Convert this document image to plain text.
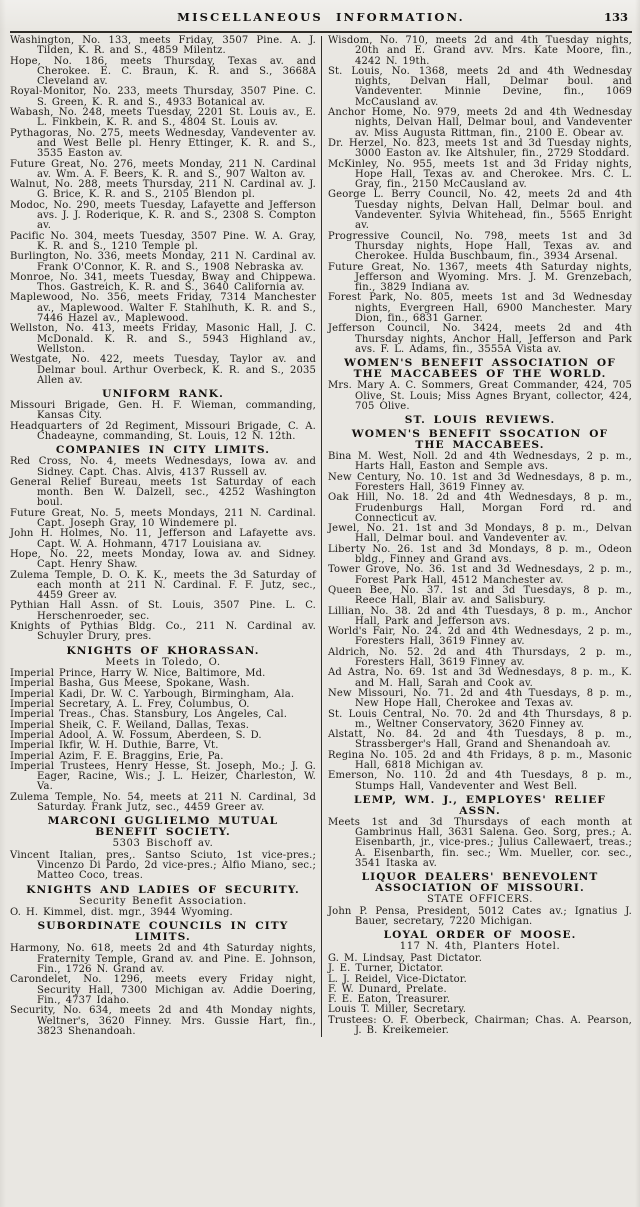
MISCELLANEOUS INFORMATION.	133

Washington, No. 133, meets Friday, 3507 Pine. A. J. Tilden, K. R. and S., 4859 Milentz.

Hope, No. 186, meets Thursday, Texas av. and Cherokee. E. C. Braun, K. R. and S., 3668A Cleveland av.

Royal-Monitor, No. 233, meets Thursday, 3507 Pine. C. S. Green, K. R. and S., 4933 Botanical av.

Wabash, No. 248, meets Tuesday, 2201 St. Louis av., E. L. Finkbein, K. R. and S., 4804 St. Louis av.

Pythagoras, No. 275, meets Wednesday, Vandeventer av. and West Belle pl. Henry Ettinger, K. R. and S., 3535 Easton av.

Future Great, No. 276, meets Monday, 211 N. Cardinal av. Wm. A. F. Beers, K. R. and S., 907 Walton av.

Walnut, No. 288, meets Thursday, 211 N. Cardinal av. J. G. Brice, K. R. and S., 2105 Blendon pl.

Modoc, No. 290, meets Tuesday, Lafayette and Jefferson avs. J. J. Roderique, K. R. and S., 2308 S. Compton av.

Pacific No. 304, meets Tuesday, 3507 Pine. W. A. Gray, K. R. and S., 1210 Temple pl.

Burlington, No. 336, meets Monday, 211 N. Cardinal av. Frank O'Connor, K. R. and S., 1908 Nebraska av.

Monroe, No. 341, meets Tuesday, Bway and Chippewa. Thos. Gastreich, K. R. and S., 3640 California av.

Maplewood, No. 356, meets Friday, 7314 Manchester av., Maplewood. Walter F. Stahlhuth, K. R. and S., 7446 Hazel av., Maplewood.

Wellston, No. 413, meets Friday, Masonic Hall, J. C. McDonald. K. R. and S., 5943 Highland av., Wellston.

Westgate, No. 422, meets Tuesday, Taylor av. and Delmar boul. Arthur Overbeck, K. R. and S., 2035 Allen av.

UNIFORM RANK.

Missouri Brigade, Gen. H. F. Wieman, commanding, Kansas City.

Headquarters of 2d Regiment, Missouri Brigade, C. A. Chadeayne, commanding, St. Louis, 12 N. 12th.

COMPANIES IN CITY LIMITS.

Red Cross, No. 4, meets Wednesdays, Iowa av. and Sidney. Capt. Chas. Alvis, 4137 Russell av.

General Relief Bureau, meets 1st Saturday of each month. Ben W. Dalzell, sec., 4252 Washington boul.

Future Great, No. 5, meets Mondays, 211 N. Cardinal. Capt. Joseph Gray, 10 Windemere pl.

John H. Holmes, No. 11, Jefferson and Lafayette avs. Capt. W. A. Hohmann, 4717 Louisiana av.

Hope, No. 22, meets Monday, Iowa av. and Sidney. Capt. Henry Shaw.

Zulema Temple, D. O. K. K., meets the 3d Saturday of each month at 211 N. Cardinal. F. F. Jutz, sec., 4459 Greer av.

Pythian Hall Assn. of St. Louis, 3507 Pine. L. C. Herschenroeder, sec.

Knights of Pythias Bldg. Co., 211 N. Cardinal av. Schuyler Drury, pres.

KNIGHTS OF KHORASSAN.
Meets in Toledo, O.

Imperial Prince, Harry W. Nice, Baltimore, Md.

Imperial Basha, Gus Meese, Spokane, Wash.

Imperial Kadi, Dr. W. C. Yarbough, Birmingham, Ala.

Imperial Secretary, A. L. Frey, Columbus, O.

Imperial Treas., Chas. Stansbury, Los Angeles, Cal.

Imperial Sheik, C. F. Weiland, Dallas, Texas.

Imperial Adool, A. W. Fossum, Aberdeen, S. D.

Imperial Ikfir, W. H. Duthie, Barre, Vt.

Imperial Azim, F. E. Braggins, Erie, Pa.

Imperial Trustees, Henry Hesse, St. Joseph, Mo.; J. G. Eager, Racine, Wis.; J. L. Heizer, Charleston, W. Va.

Zulema Temple, No. 54, meets at 211 N. Cardinal, 3d Saturday. Frank Jutz, sec., 4459 Greer av.

MARCONI GUGLIELMO MUTUAL BENEFIT SOCIETY.
5303 Bischoff av.

Vincent Italian, pres,. Santso Sciuto, 1st vice-pres.; Vincenzo Di Pardo, 2d vice-pres.; Alfio Miano, sec.; Matteo Coco, treas.

KNIGHTS AND LADIES OF SECURITY.
Security Benefit Association.

O. H. Kimmel, dist. mgr., 3944 Wyoming.

SUBORDINATE COUNCILS IN CITY LIMITS.

Harmony, No. 618, meets 2d and 4th Saturday nights, Fraternity Temple, Grand av. and Pine. E. Johnson, Fin., 1726 N. Grand av.

Carondelet, No. 1296, meets every Friday night, Security Hall, 7300 Michigan av. Addie Doering, Fin., 4737 Idaho.

Security, No. 634, meets 2d and 4th Monday nights, Weltner's, 3620 Finney. Mrs. Gussie Hart, fin., 3823 Shenandoah.

Wisdom, No. 710, meets 2d and 4th Tuesday nights, 20th and E. Grand avv. Mrs. Kate Moore, fin., 4242 N. 19th.

St. Louis, No. 1368, meets 2d and 4th Wednesday nights, Delvan Hall, Delmar boul. and Vandeventer. Minnie Devine, fin., 1069 McCausland av.

Anchor Home, No. 979, meets 2d and 4th Wednesday nights, Delvan Hall, Delmar boul, and Vandeventer av. Miss Augusta Rittman, fin., 2100 E. Obear av.

Dr. Herzel, No. 823, meets 1st and 3d Tuesday nights, 3000 Easton av. Ike Altshuler, fin., 2729 Stoddard.

McKinley, No. 955, meets 1st and 3d Friday nights, Hope Hall, Texas av. and Cherokee. Mrs. C. L. Gray, fin., 2150 McCausland av.

George L. Berry Council, No. 42, meets 2d and 4th Tuesday nights, Delvan Hall, Delmar boul. and Vandeventer. Sylvia Whitehead, fin., 5565 Enright av.

Progressive Council, No. 798, meets 1st and 3d Thursday nights, Hope Hall, Texas av. and Cherokee. Hulda Buschbaum, fin., 3934 Arsenal.

Future Great, No. 1367, meets 4th Saturday nights, Jefferson and Wyoming. Mrs. J. M. Grenzebach, fin., 3829 Indiana av.

Forest Park, No. 805, meets 1st and 3d Wednesday nights, Evergreen Hall, 6900 Manchester. Mary Dion, fin., 6831 Garner.

Jefferson Council, No. 3424, meets 2d and 4th Thursday nights, Anchor Hall, Jefferson and Park avs. F. L. Adams, fin., 3555A Vista av.

WOMEN'S BENEFIT ASSOCIATION OF THE MACCABEES OF THE WORLD.

Mrs. Mary A. C. Sommers, Great Commander, 424, 705 Olive, St. Louis; Miss Agnes Bryant, collector, 424, 705 Olive.

ST. LOUIS REVIEWS.
WOMEN'S BENEFIT SSOCATION OF THE MACCABEES.

Bina M. West, Noll. 2d and 4th Wednesdays, 2 p. m., Harts Hall, Easton and Semple avs.

New Century, No. 10. 1st and 3d Wednesdays, 8 p. m., Foresters Hall, 3619 Finney av.

Oak Hill, No. 18. 2d and 4th Wednesdays, 8 p. m., Frudenburgs Hall, Morgan Ford rd. and Connecticut av.

Jewel, No. 21. 1st and 3d Mondays, 8 p. m., Delvan Hall, Delmar boul. and Vandeventer av.

Liberty No. 26. 1st and 3d Mondays, 8 p. m., Odeon bldg., Finney and Grand avs.

Tower Grove, No. 36. 1st and 3d Wednesdays, 2 p. m., Forest Park Hall, 4512 Manchester av.

Queen Bee, No. 37. 1st and 3d Tuesdays, 8 p. m., Reece Hall, Blair av. and Salisbury.

Lillian, No. 38. 2d and 4th Tuesdays, 8 p. m., Anchor Hall, Park and Jefferson avs.

World's Fair, No. 24. 2d and 4th Wednesdays, 2 p. m., Foresters Hall, 3619 Finney av.

Aldrich, No. 52. 2d and 4th Thursdays, 2 p. m., Foresters Hall, 3619 Finney av.

Ad Astra, No. 69. 1st and 3d Wednesdays, 8 p. m., K. and M. Hall, Sarah and Cook av.

New Missouri, No. 71. 2d and 4th Tuesdays, 8 p. m., New Hope Hall, Cherokee and Texas av.

St. Louis Central, No. 70. 2d and 4th Thursdays, 8 p. m., Weltner Conservatory, 3620 Finney av.

Alstatt, No. 84. 2d and 4th Tuesdays, 8 p. m., Strassberger's Hall, Grand and Shenandoah av.

Regina No. 105. 2d and 4th Fridays, 8 p. m., Masonic Hall, 6818 Michigan av.

Emerson, No. 110. 2d and 4th Tuesdays, 8 p. m., Stumps Hall, Vandeventer and West Bell.

LEMP, WM. J., EMPLOYES' RELIEF ASSN.

Meets 1st and 3d Thursdays of each month at Gambrinus Hall, 3631 Salena. Geo. Sorg, pres.; A. Eisenbarth, jr., vice-pres.; Julius Callewaert, treas.; A. Eisenbarth, fin. sec.; Wm. Mueller, cor. sec., 3541 Itaska av.

LIQUOR DEALERS' BENEVOLENT ASSOCIATION OF MISSOURI.
STATE OFFICERS.

John P. Pensa, President, 5012 Cates av.; Ignatius J. Bauer, secretary, 7220 Michigan.

LOYAL ORDER OF MOOSE.
117 N. 4th, Planters Hotel.

G. M. Lindsay, Past Dictator.

J. E. Turner, Dictator.

L. J. Reidel, Vice-Dictator.

F. W. Dunard, Prelate.

F. E. Eaton, Treasurer.

Louis T. Miller, Secretary.

Trustees: O. F. Oberbeck, Chairman; Chas. A. Pearson, J. B. Kreikemeier.
